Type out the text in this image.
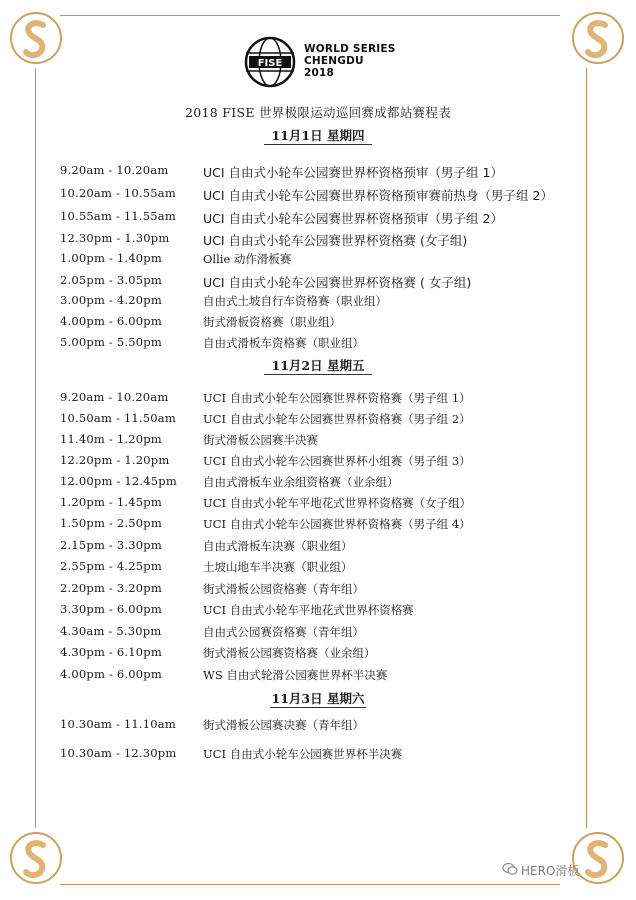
FISE
WORLD SERIES
CHENGDU
2018
2018 FISE 世界极限运动巡回赛成都站赛程表
11月1日 星期四
9.20am - 10.20am	UCI 自由式小轮车公园赛世界杯资格预审（男子组 1）
10.20am - 10.55am UCI 自由式小轮车公园赛世界杯资格预审赛前热身（男子组 2）
10.55am - 11.55am UCI 自由式小轮车公园赛世界杯资格预审（男子组 2）
12.30pm - 1.30pm	UCI 自由式小轮车公园赛世界杯资格赛 (女子组)
1.00pm - 1.40pm	Ollie 动作滑板赛
2.05pm - 3.05pm	UCI 自由式小轮车公园赛世界杯资格赛 ( 女子组)
3.00pm - 4.20pm	自由式土坡自行车资格赛（职业组）
4.00pm - 6.00pm	街式滑板资格赛（职业组）
5.00pm - 5.50pm	自由式滑板车资格赛（职业组）
11月2日 星期五
9.20am - 10.20am	UCI 自由式小轮车公园赛世界杯资格赛（男子组 1）
10.50am - 11.50am UCI 自由式小轮车公园赛世界杯资格赛（男子组 2）
11.40m - 1.20pm	街式滑板公园赛半决赛
12.20pm - 1.20pm	UCI 自由式小轮车公园赛世界杯小组赛（男子组 3）
12.00pm - 12.45pm 自由式滑板车业余组资格赛（业余组）
1.20pm - 1.45pm	UCI 自由式小轮车平地花式世界杯资格赛（女子组）
1.50pm - 2.50pm	UCI 自由式小轮车公园赛世界杯资格赛（男子组 4）
2.15pm - 3.30pm	自由式滑板车决赛（职业组）
2.55pm - 4.25pm	土坡山地车半决赛（职业组）
2.20pm - 3.20pm	街式滑板公园资格赛（青年组）
3.30pm - 6.00pm	UCI 自由式小轮车平地花式世界杯资格赛
4.30am - 5.30pm	自由式公园赛资格赛（青年组）
4.30pm - 6.10pm	街式滑板公园赛资格赛（业余组）
4.00pm - 6.00pm	WS 自由式轮滑公园赛世界杯半决赛
11月3日 星期六
10.30am - 11.10am 街式滑板公园赛决赛（青年组）
10.30am - 12.30pm UCI 自由式小轮车公园赛世界杯半决赛
HERO滑板
